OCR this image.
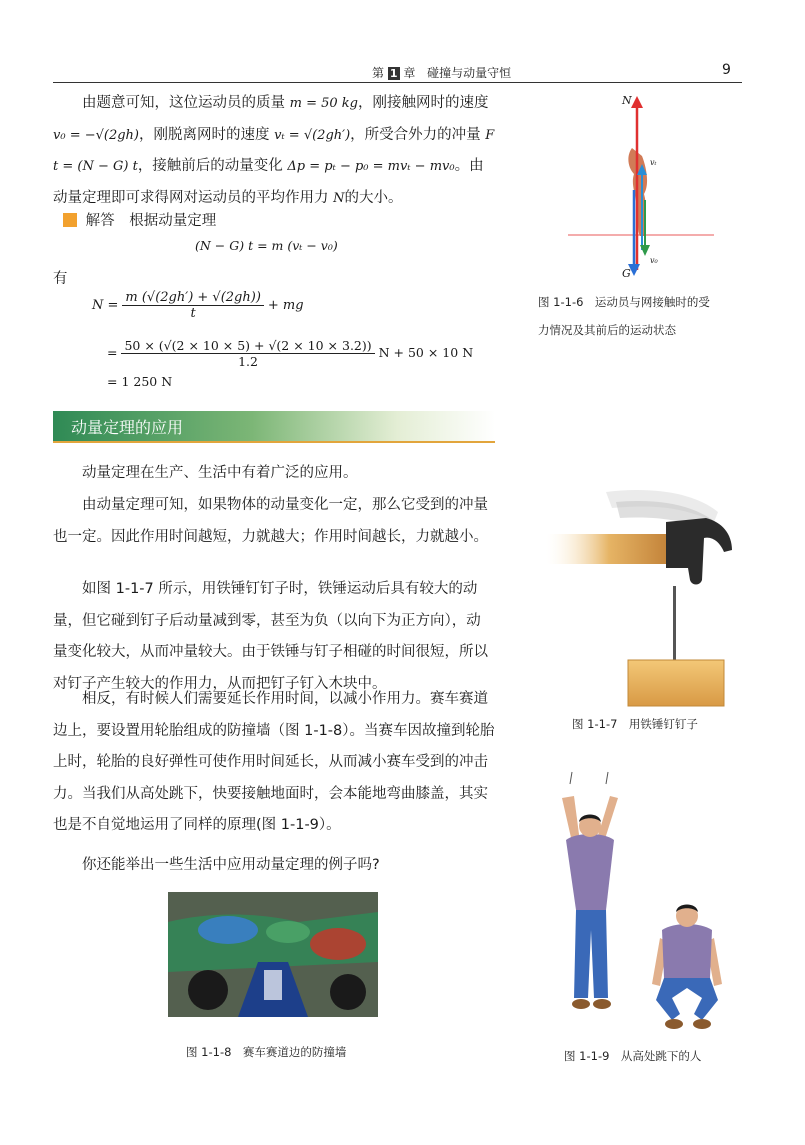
第 1 章 碰撞与动量守恒	9

由题意可知，这位运动员的质量 m = 50 kg，刚接触网时的速度 v₀ = −√(2gh)，刚脱离网时的速度 vₜ = √(2gh′)，所受合外力的冲量 F t = (N − G) t，接触前后的动量变化 Δp = pₜ − p₀ = mvₜ − mv₀。由动量定理即可求得网对运动员的平均作用力 N的大小。

解答 根据动量定理
(N − G) t = m (vₜ − v₀)
有
$N = \frac{m (√(2gh') + √(2gh))}{t}$ + mg
= $\frac{50 \times (√(2 \times 10 \times 5) + √(2 \times 10 \times 3.2))}{1.2}$ N + 50 × 10 N
= 1 250 N
动量定理的应用

动量定理在生产、生活中有着广泛的应用。

由动量定理可知，如果物体的动量变化一定，那么它受到的冲量也一定。因此作用时间越短，力就越大；作用时间越长，力就越小。

如图 1-1-7 所示，用铁锤钉钉子时，铁锤运动后具有较大的动量，但它碰到钉子后动量减到零，甚至为负（以向下为正方向），动量变化较大，从而冲量较大。由于铁锤与钉子相碰的时间很短，所以对钉子产生较大的作用力，从而把钉子钉入木块中。

相反，有时候人们需要延长作用时间，以减小作用力。赛车赛道边上，要设置用轮胎组成的防撞墙（图 1-1-8）。当赛车因故撞到轮胎上时，轮胎的良好弹性可使作用时间延长，从而减小赛车受到的冲击力。当我们从高处跳下，快要接触地面时，会本能地弯曲膝盖，其实也是不自觉地运用了同样的原理(图 1-1-9）。

你还能举出一些生活中应用动量定理的例子吗?

N
G
vₜ
v₀
图 1-1-6　运动员与网接触时的受
力情况及其前后的运动状态
图 1-1-7　用铁锤钉钉子
图 1-1-8　赛车赛道边的防撞墙	图 1-1-9　从高处跳下的人
